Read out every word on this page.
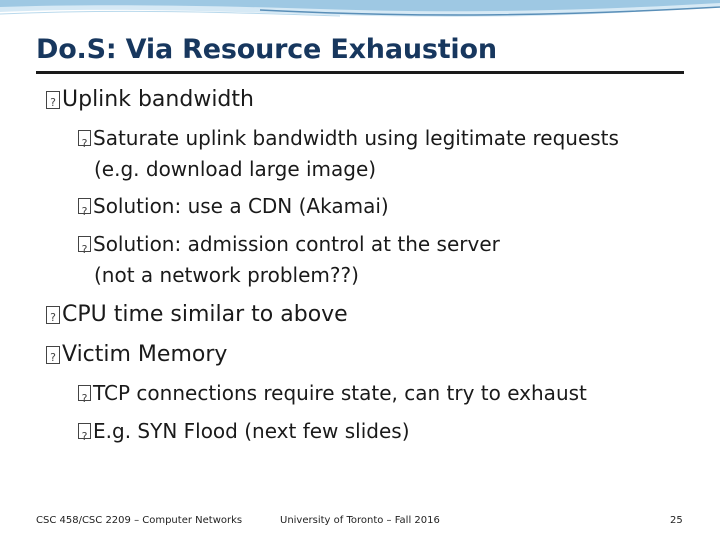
Do.S: Via Resource Exhaustion
?
Uplink bandwidth
?
Saturate uplink bandwidth using legitimate requests
(e.g. download large image)
?
Solution: use a CDN (Akamai)
?
Solution: admission control at the server
(not a network problem??)
?
CPU time similar to above
?
Victim Memory
?
TCP connections require state, can try to exhaust
?
E.g. SYN Flood (next few slides)
CSC 458/CSC 2209 – Computer Networks	University of Toronto – Fall 2016	25
